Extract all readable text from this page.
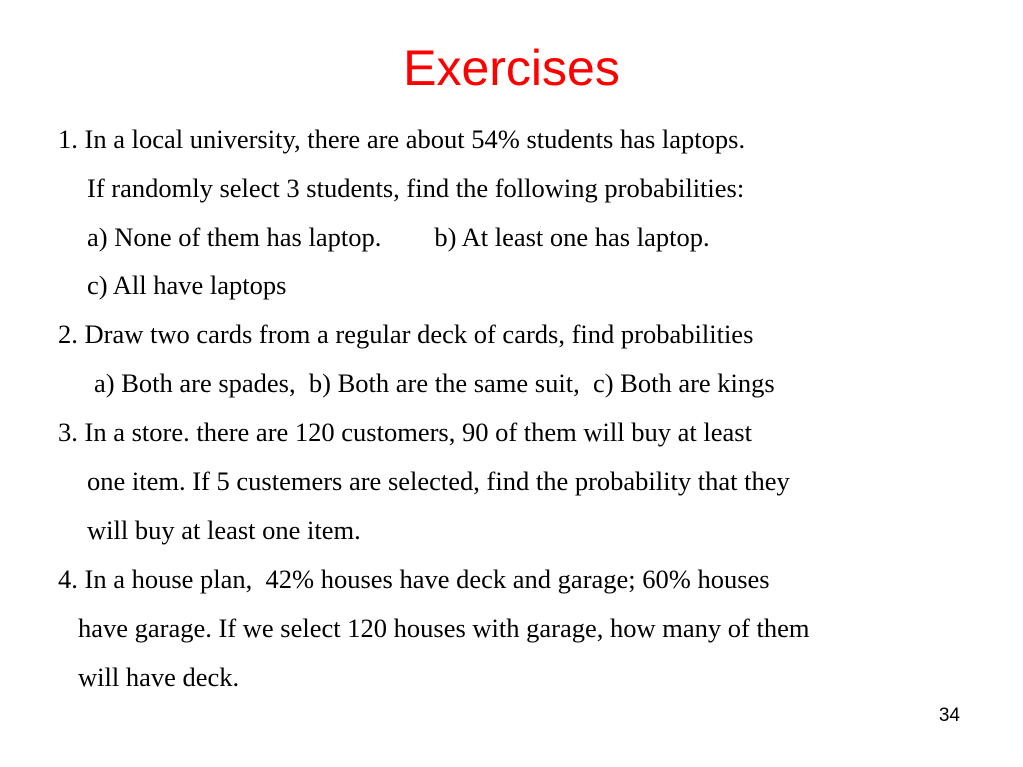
Exercises
1. In a local university, there are about 54% students has laptops.
If randomly select 3 students, find the following probabilities:
a) None of them has laptop.        b) At least one has laptop.
c) All have laptops
2. Draw two cards from a regular deck of cards, find probabilities
a) Both are spades,  b) Both are the same suit,  c) Both are kings
3. In a store. there are 120 customers, 90 of them will buy at least
one item. If 5 custemers are selected, find the probability that they
will buy at least one item.
4. In a house plan,  42% houses have deck and garage; 60% houses
have garage. If we select 120 houses with garage, how many of them
will have deck.
34
